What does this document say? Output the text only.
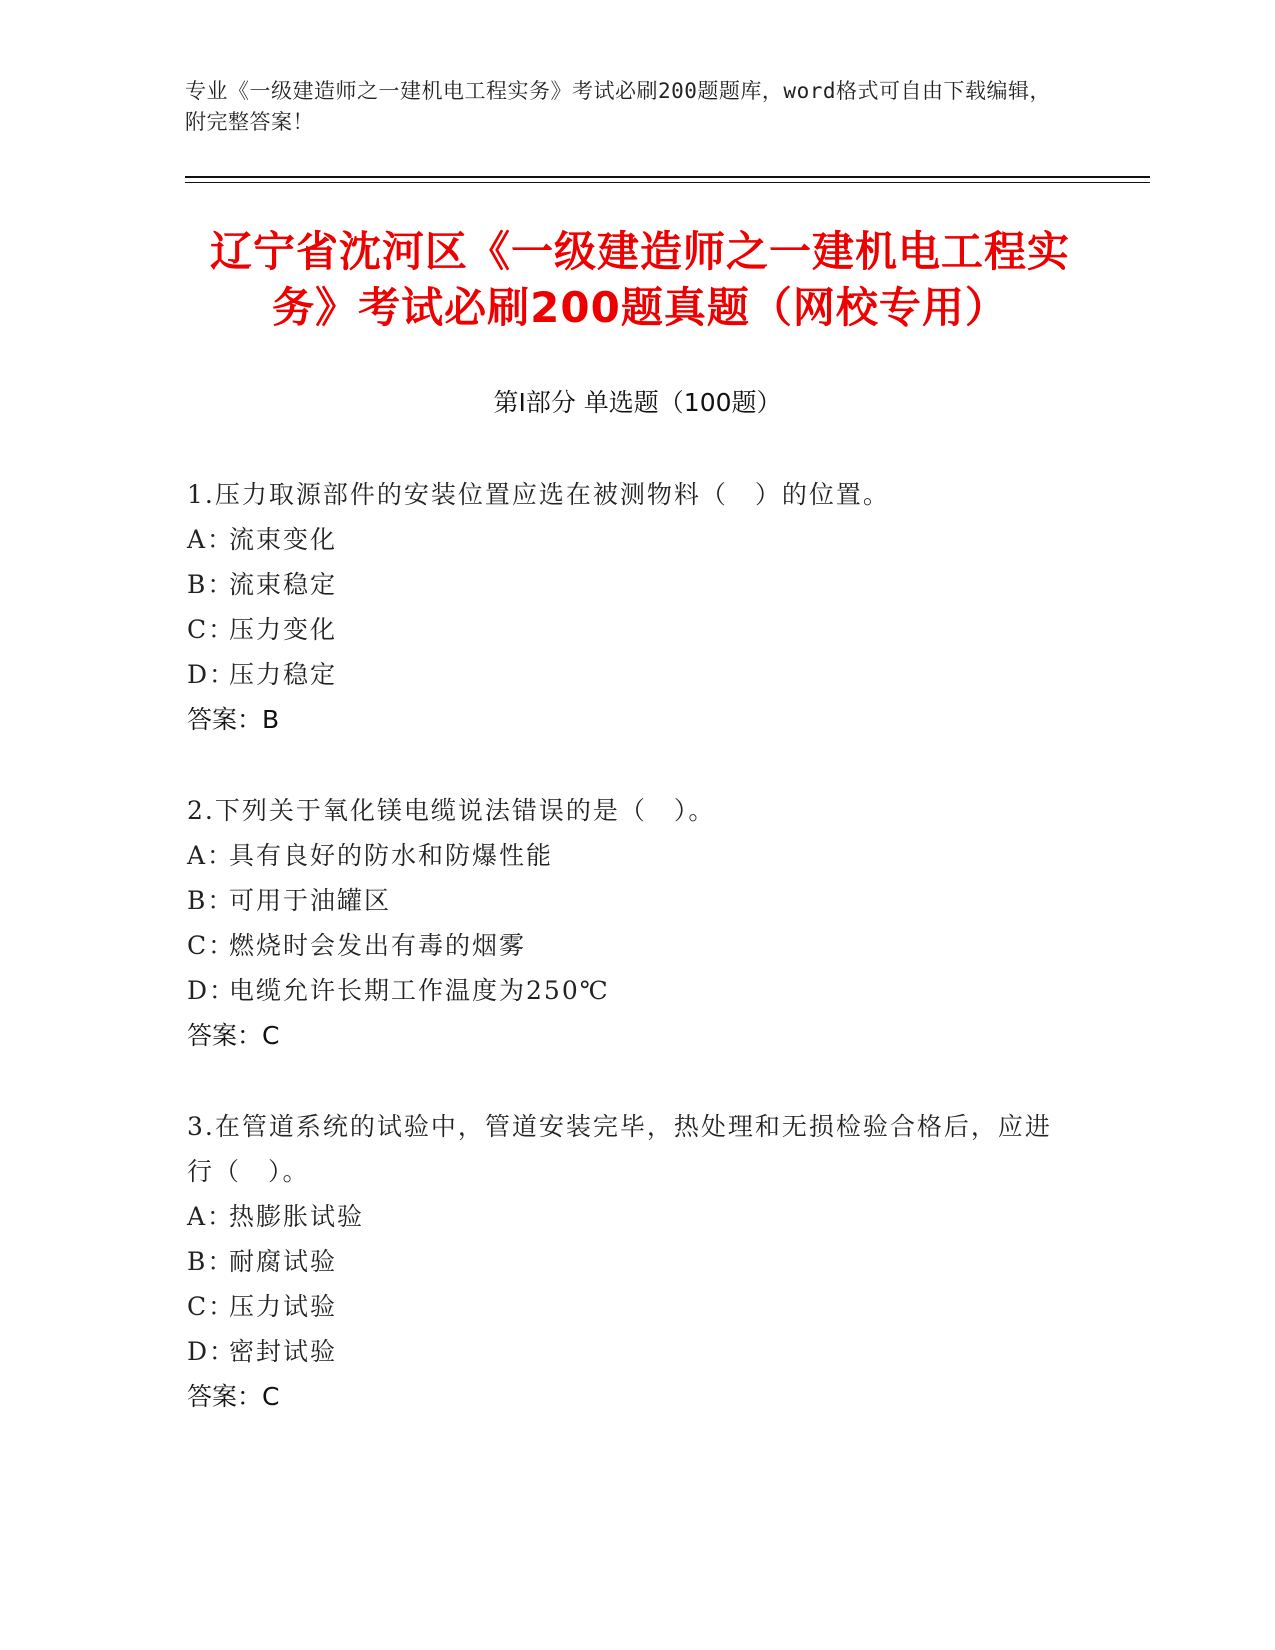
专业《一级建造师之一建机电工程实务》考试必刷200题题库，word格式可自由下载编辑，附完整答案！
辽宁省沈河区《一级建造师之一建机电工程实务》考试必刷200题真题（网校专用）
第Ⅰ部分 单选题（100题）
1.压力取源部件的安装位置应选在被测物料（　）的位置。
A：流束变化
B：流束稳定
C：压力变化
D：压力稳定
答案：B
2.下列关于氧化镁电缆说法错误的是（　）。
A：具有良好的防水和防爆性能
B：可用于油罐区
C：燃烧时会发出有毒的烟雾
D：电缆允许长期工作温度为250℃
答案：C
3.在管道系统的试验中，管道安装完毕，热处理和无损检验合格后，应进行（　）。
A：热膨胀试验
B：耐腐试验
C：压力试验
D：密封试验
答案：C
